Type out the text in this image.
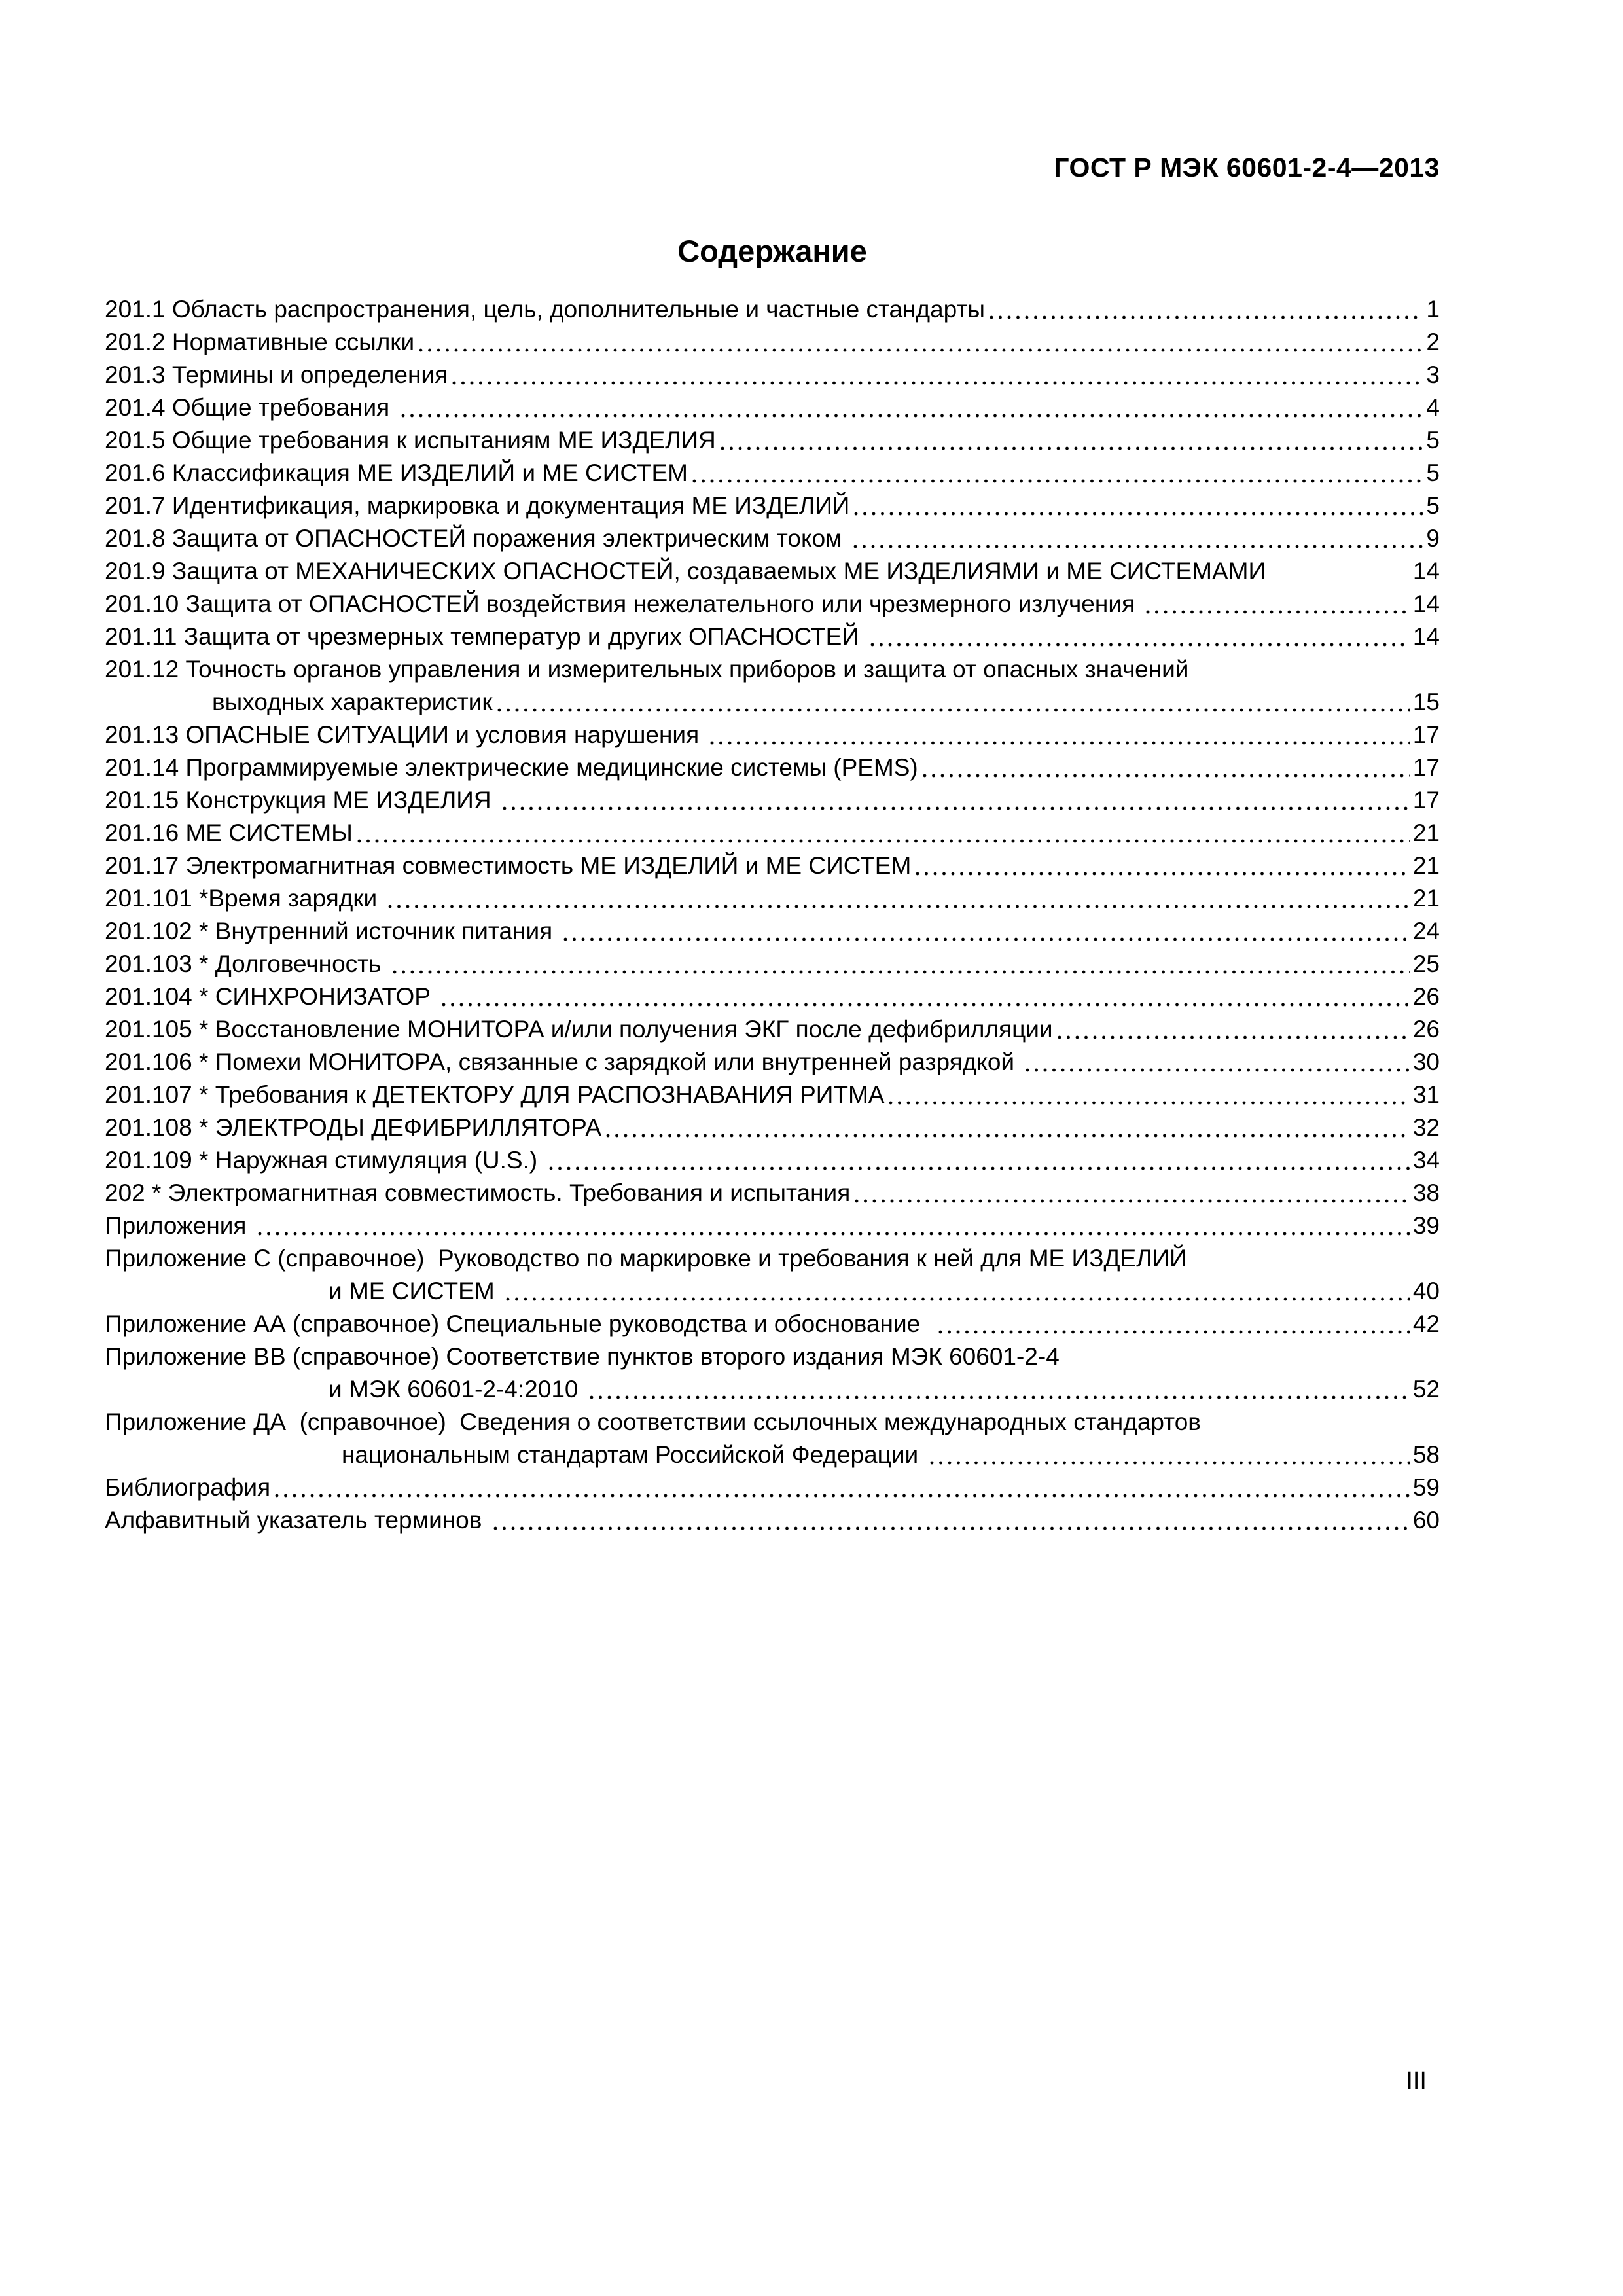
ГОСТ Р МЭК 60601-2-4—2013
Содержание
201.1 Область распространения, цель, дополнительные и частные стандарты	1
201.2 Нормативные ссылки	2
201.3 Термины и определения	3
201.4 Общие требования	4
201.5 Общие требования к испытаниям МЕ ИЗДЕЛИЯ	5
201.6 Классификация МЕ ИЗДЕЛИЙ и МЕ СИСТЕМ	5
201.7 Идентификация, маркировка и документация МЕ ИЗДЕЛИЙ	5
201.8 Защита от ОПАСНОСТЕЙ поражения электрическим током	9
201.9 Защита от МЕХАНИЧЕСКИХ ОПАСНОСТЕЙ, создаваемых МЕ ИЗДЕЛИЯМИ и МЕ СИСТЕМАМИ	14
201.10 Защита от ОПАСНОСТЕЙ воздействия нежелательного или чрезмерного излучения	14
201.11 Защита от чрезмерных температур и других ОПАСНОСТЕЙ	14
201.12 Точность органов управления и измерительных приборов и защита от опасных значений
выходных характеристик	15
201.13 ОПАСНЫЕ СИТУАЦИИ и условия нарушения	17
201.14 Программируемые электрические медицинские системы (PEMS)	17
201.15 Конструкция МЕ ИЗДЕЛИЯ	17
201.16 МЕ СИСТЕМЫ	21
201.17 Электромагнитная совместимость МЕ ИЗДЕЛИЙ и МЕ СИСТЕМ	21
201.101 *Время зарядки	21
201.102 * Внутренний источник питания	24
201.103 * Долговечность	25
201.104 * СИНХРОНИЗАТОР	26
201.105 * Восстановление МОНИТОРА и/или получения ЭКГ после дефибрилляции	26
201.106 * Помехи МОНИТОРА, связанные с зарядкой или внутренней разрядкой	30
201.107 * Требования к ДЕТЕКТОРУ ДЛЯ РАСПОЗНАВАНИЯ РИТМА	31
201.108 * ЭЛЕКТРОДЫ ДЕФИБРИЛЛЯТОРА	32
201.109 * Наружная стимуляция (U.S.)	34
202 * Электромагнитная совместимость. Требования и испытания	38
Приложения	39
Приложение С (справочное)  Руководство по маркировке и требования к ней для МЕ ИЗДЕЛИЙ
и МЕ СИСТЕМ	40
Приложение АА (справочное) Специальные руководства и обоснование	42
Приложение ВВ (справочное) Соответствие пунктов второго издания МЭК 60601-2-4
и МЭК 60601-2-4:2010	52
Приложение ДА  (справочное)  Сведения о соответствии ссылочных международных стандартов
национальным стандартам Российской Федерации	58
Библиография	59
Алфавитный указатель терминов	60
III
